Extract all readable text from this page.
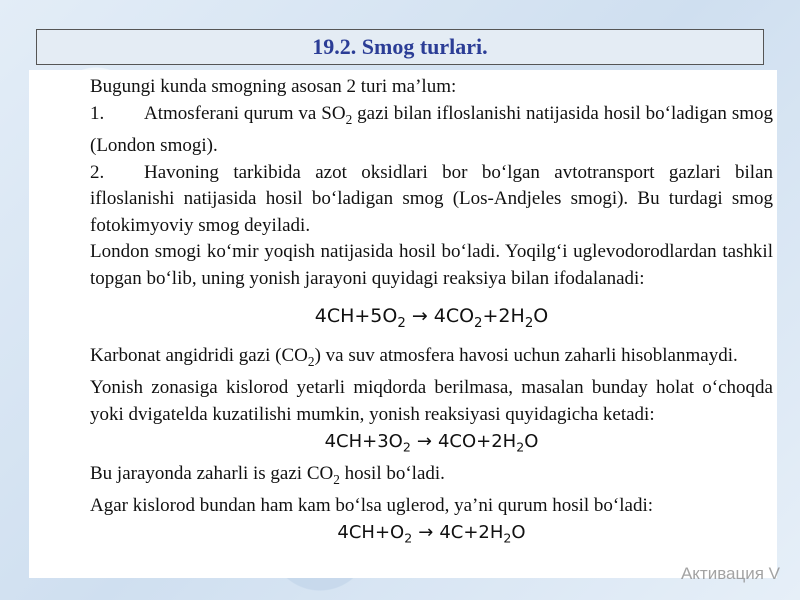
19.2. Smog turlari.

Bugungi kunda smogning asosan 2 turi ma’lum:

1. Atmosferani qurum va $SO_2$ gazi bilan ifloslanishi natijasida hosil bo‘ladigan smog (London smogi).

2. Havoning tarkibida azot oksidlari bor bo‘lgan avtotransport gazlari bilan ifloslanishi natijasida hosil bo‘ladigan smog (Los-Andjeles smogi). Bu turdagi smog fotokimyoviy smog deyiladi.

London smogi ko‘mir yoqish natijasida hosil bo‘ladi. Yoqilg‘i uglevodorodlardan tashkil topgan bo‘lib, uning yonish jarayoni quyidagi reaksiya bilan ifodalanadi:

$4CH+5O_2 \to 4CO_2+2H_2O$

Karbonat angidridi gazi $(CO_2)$ va suv atmosfera havosi uchun zaharli hisoblanmaydi.

Yonish zonasiga kislorod yetarli miqdorda berilmasa, masalan bunday holat o‘choqda yoki dvigatelda kuzatilishi mumkin, yonish reaksiyasi quyidagicha ketadi:

$4CH+3O_2 \to 4CO+2H_2O$

Bu jarayonda zaharli is gazi $CO_2$ hosil bo‘ladi.

Agar kislorod bundan ham kam bo‘lsa uglerod, ya’ni qurum hosil bo‘ladi:

$4CH+O_2 \to 4C+2H_2O$

Активация V
